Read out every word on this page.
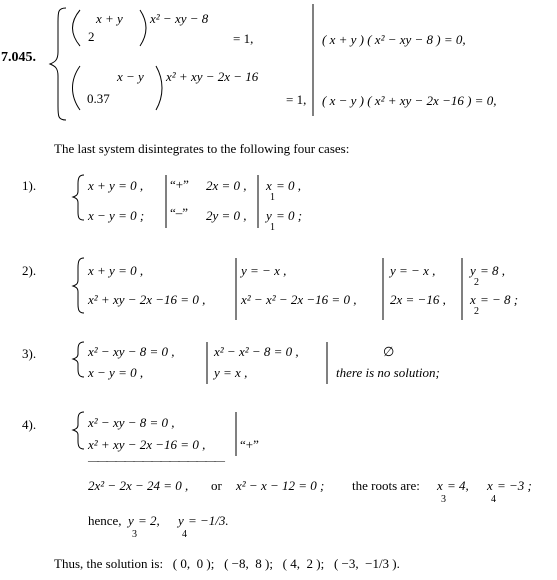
7.045.
x + y x² − xy − 8
2	= 1,
x − y x² + xy − 2x − 16
0.37	= 1,
( x + y ) ( x² − xy − 8 ) = 0,
( x − y ) ( x² + xy − 2x −16 ) = 0,
The last system disintegrates to the following four cases:
1).	x + y = 0 ,
x − y = 0 ;
“+”
“–”
2x = 0 ,
2y = 0 ,
x
1
= 0 ,
y
1
= 0 ;
2).	x + y = 0 ,
x² + xy − 2x −16 = 0 ,
y = − x ,
x² − x² − 2x −16 = 0 ,
y = − x ,
2x = −16 ,
y
2
= 8 ,
x
2
= − 8 ;
3).	x² − xy − 8 = 0 ,
x − y = 0 ,
x² − x² − 8 = 0 ,
y = x ,
∅
there is no solution;
4).	x² − xy − 8 = 0 ,
x² + xy − 2x −16 = 0 ,	“+”
———————————————
2x² − 2x − 24 = 0 , or x² − x − 12 = 0 ; the roots are: x
3
= 4, x
4
= −3 ;
hence, y
3
= 2, y
4
= −1/3.
Thus, the solution is:   ( 0,  0 );   ( −8,  8 );   ( 4,  2 );   ( −3,  −1/3 ).
